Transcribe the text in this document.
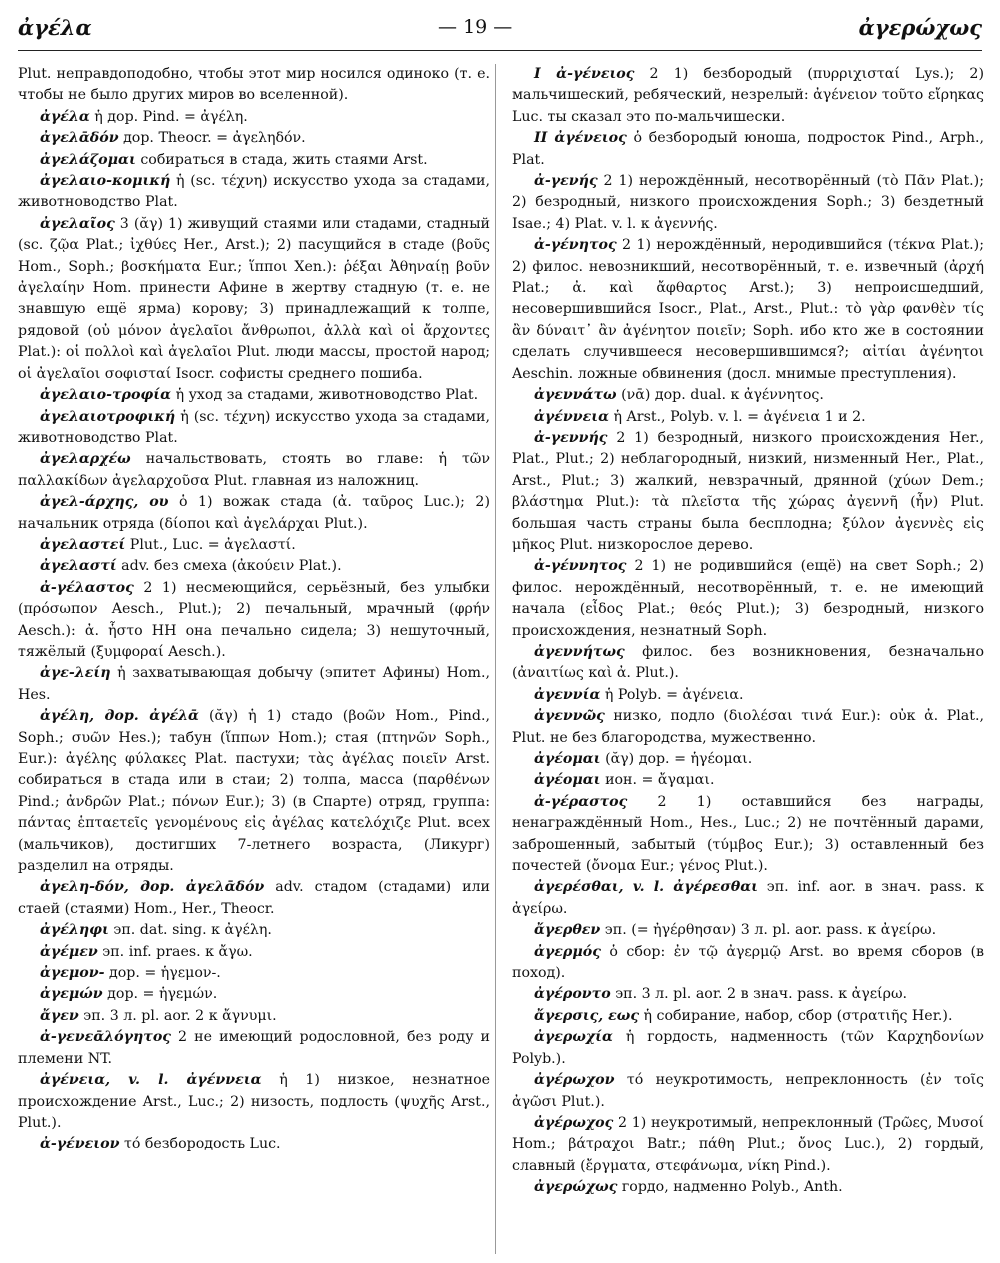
ἀγέλα	— 19 —	ἀγερώχως

Plut. неправдоподобно, чтобы этот мир носился одиноко (т. е. чтобы не было других миров во вселенной).

ἀγέλα ἡ дор. Pind. = ἀγέλη.

ἀγελᾱδόν дор. Theocr. = ἀγεληδόν.

ἀγελάζομαι собираться в стада, жить стаями Arst.

ἀγελαιο-κομική ἡ (sc. τέχνη) искусство ухода за стадами, животноводство Plat.

ἀγελαῖος 3 (ᾰγ) 1) живущий стаями или стадами, стадный (sc. ζῷα Plat.; ἰχθύες Her., Arst.); 2) пасущийся в стаде (βοῦς Hom., Soph.; βοσκήματα Eur.; ἵπποι Xen.): ῥέξαι Ἀθηναίῃ βοῦν ἀγελαίην Hom. принести Афине в жертву стадную (т. е. не знавшую ещё ярма) корову; 3) принадлежащий к толпе, рядовой (οὐ μόνον ἀγελαῖοι ἄνθρωποι, ἀλλὰ καὶ οἱ ἄρχοντες Plat.): οἱ πολλοὶ καὶ ἀγελαῖοι Plut. люди массы, простой народ; οἱ ἀγελαῖοι σοφισταί Isocr. софисты среднего пошиба.

ἀγελαιο-τροφία ἡ уход за стадами, животноводство Plat.

ἀγελαιοτροφική ἡ (sc. τέχνη) искусство ухода за стадами, животноводство Plat.

ἀγελαρχέω начальствовать, стоять во главе: ἡ τῶν παλλακίδων ἀγελαρχοῦσα Plut. главная из наложниц.

ἀγελ-άρχης, ου ὁ 1) вожак стада (ἀ. ταῦρος Luc.); 2) начальник отряда (δίοποι καὶ ἀγελάρχαι Plut.).

ἀγελαστεί Plut., Luc. = ἀγελαστί.

ἀγελαστί adv. без смеха (ἀκούειν Plat.).

ἀ-γέλαστος 2 1) несмеющийся, серьёзный, без улыбки (πρόσωπον Aesch., Plut.); 2) печальный, мрачный (φρήν Aesch.): ἀ. ἧστο HH она печально сидела; 3) нешуточный, тяжёлый (ξυμφοραί Aesch.).

ἀγε-λείη ἡ захватывающая добычу (эпитет Афины) Hom., Hes.

ἀγέλη, дор. ἀγέλᾱ (ᾰγ) ἡ 1) стадо (βοῶν Hom., Pind., Soph.; συῶν Hes.); табун (ἵππων Hom.); стая (πτηνῶν Soph., Eur.): ἀγέλης φύλακες Plat. пастухи; τὰς ἀγέλας ποιεῖν Arst. собираться в стада или в стаи; 2) толпа, масса (παρθένων Pind.; ἀνδρῶν Plat.; πόνων Eur.); 3) (в Спарте) отряд, группа: πάντας ἑπταετεῖς γενομένους εἰς ἀγέλας κατελόχιζε Plut. всех (мальчиков), достигших 7-летнего возраста, (Ликург) разделил на отряды.

ἀγελη-δόν, дор. ἀγελᾱδόν adv. стадом (стадами) или стаей (стаями) Hom., Her., Theocr.

ἀγέληφι эп. dat. sing. к ἀγέλη.

ἀγέμεν эп. inf. praes. к ἄγω.

ἀγεμον- дор. = ἡγεμον-.

ἀγεμών дор. = ἡγεμών.

ἄγεν эп. 3 л. pl. aor. 2 к ἄγνυμι.

ἀ-γενεᾱλόγητος 2 не имеющий родословной, без роду и племени NT.

ἀγένεια, v. l. ἀγέννεια ἡ 1) низкое, незнатное происхождение Arst., Luc.; 2) низость, подлость (ψυχῆς Arst., Plut.).

ἀ-γένειον τό безбородость Luc.

I ἀ-γένειος 2 1) безбородый (πυρριχισταί Lys.); 2) мальчишеский, ребяческий, незрелый: ἀγένειον τοῦτο εἴρηκας Luc. ты сказал это по-мальчишески.

II ἀγένειος ὁ безбородый юноша, подросток Pind., Arph., Plat.

ἀ-γενής 2 1) нерождённый, несотворённый (τὸ Πᾶν Plat.); 2) безродный, низкого происхождения Soph.; 3) бездетный Isae.; 4) Plat. v. l. к ἀγεννής.

ἀ-γένητος 2 1) нерождённый, неродившийся (τέκνα Plat.); 2) филос. невозникший, несотворённый, т. е. извечный (ἀρχή Plat.; ἀ. καὶ ἄφθαρτος Arst.); 3) непроисшедший, несовершившийся Isocr., Plat., Arst., Plut.: τὸ γὰρ φανθὲν τίς ἂν δύναιτ᾽ ἂν ἀγένητον ποιεῖν; Soph. ибо кто же в состоянии сделать случившееся несовершившимся?; αἰτίαι ἀγένητοι Aeschin. ложные обвинения (досл. мнимые преступления).

ἀγεννάτω (νᾱ) дор. dual. к ἀγέννητος.

ἀγέννεια ἡ Arst., Polyb. v. l. = ἀγένεια 1 и 2.

ἀ-γεννής 2 1) безродный, низкого происхождения Her., Plat., Plut.; 2) неблагородный, низкий, низменный Her., Plat., Arst., Plut.; 3) жалкий, невзрачный, дрянной (χύων Dem.; βλάστημα Plut.): τὰ πλεῖστα τῆς χώρας ἀγεννῆ (ἦν) Plut. большая часть страны была бесплодна; ξύλον ἀγεννὲς εἰς μῆκος Plut. низкорослое дерево.

ἀ-γέννητος 2 1) не родившийся (ещё) на свет Soph.; 2) филос. нерождённый, несотворённый, т. е. не имеющий начала (εἶδος Plat.; θεός Plut.); 3) безродный, низкого происхождения, незнатный Soph.

ἀγεννήτως филос. без возникновения, безначально (ἀναιτίως καὶ ἀ. Plut.).

ἀγεννία ἡ Polyb. = ἀγένεια.

ἀγεννῶς низко, подло (διολέσαι τινά Eur.): οὐκ ἀ. Plat., Plut. не без благородства, мужественно.

ἀγέομαι (ᾰγ) дор. = ἡγέομαι.

ἀγέομαι ион. = ἄγαμαι.

ἀ-γέραστος 2 1) оставшийся без награды, ненаграждённый Hom., Hes., Luc.; 2) не почтённый дарами, заброшенный, забытый (τύμβος Eur.); 3) оставленный без почестей (ὄνομα Eur.; γένος Plut.).

ἀγερέσθαι, v. l. ἀγέρεσθαι эп. inf. aor. в знач. pass. к ἀγείρω.

ἄγερθεν эп. (= ἠγέρθησαν) 3 л. pl. aor. pass. к ἀγείρω.

ἀγερμός ὁ сбор: ἐν τῷ ἀγερμῷ Arst. во время сборов (в поход).

ἀγέροντο эп. 3 л. pl. aor. 2 в знач. pass. к ἀγείρω.

ἄγερσις, εως ἡ собирание, набор, сбор (στρατιῆς Her.).

ἀγερωχία ἡ гордость, надменность (τῶν Καρχηδονίων Polyb.).

ἀγέρωχον τό неукротимость, непреклонность (ἐν τοῖς ἀγῶσι Plut.).

ἀγέρωχος 2 1) неукротимый, непреклонный (Τρῶες, Μυσοί Hom.; βάτραχοι Batr.; πάθη Plut.; ὄνος Luc.), 2) гордый, славный (ἔργματα, στεφάνωμα, νίκη Pind.).

ἀγερώχως гордо, надменно Polyb., Anth.
